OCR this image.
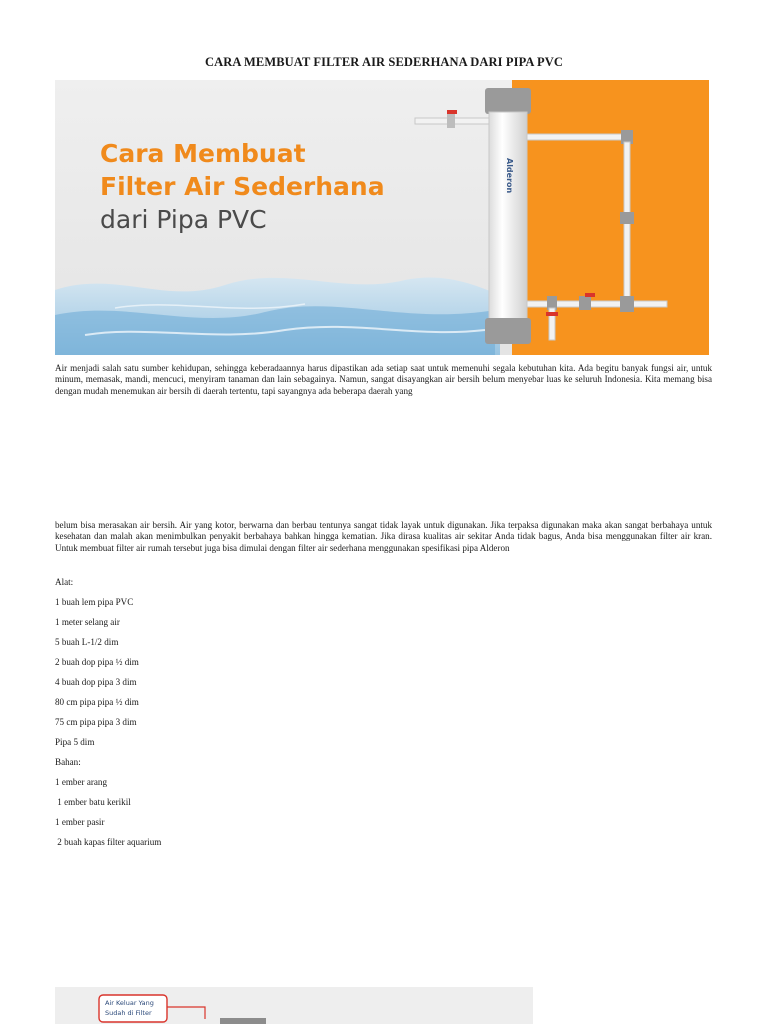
CARA MEMBUAT FILTER AIR SEDERHANA DARI PIPA PVC
Cara Membuat
Filter Air Sederhana
dari Pipa PVC
Alderon

Air menjadi salah satu sumber kehidupan, sehingga keberadaannya harus dipastikan ada setiap saat untuk memenuhi segala kebutuhan kita. Ada begitu banyak fungsi air, untuk minum, memasak, mandi, mencuci, menyiram tanaman dan lain sebagainya. Namun, sangat disayangkan air bersih belum menyebar luas ke seluruh Indonesia. Kita memang bisa dengan mudah menemukan air bersih di daerah tertentu, tapi sayangnya ada beberapa daerah yang

belum bisa merasakan air bersih. Air yang kotor, berwarna dan berbau tentunya sangat tidak layak untuk digunakan. Jika terpaksa digunakan maka akan sangat berbahaya untuk kesehatan dan malah akan menimbulkan penyakit berbahaya bahkan hingga kematian. Jika dirasa kualitas air sekitar Anda tidak bagus, Anda bisa menggunakan filter air kran. Untuk membuat filter air rumah tersebut juga bisa dimulai dengan filter air sederhana menggunakan spesifikasi pipa Alderon

Alat:
1 buah lem pipa PVC
1 meter selang air
5 buah L-1/2 dim
2 buah dop pipa ½ dim
4 buah dop pipa 3 dim
80 cm pipa pipa ½ dim
75 cm pipa pipa 3 dim
Pipa 5 dim
Bahan:
1 ember arang
1 ember batu kerikil
1 ember pasir
2 buah kapas filter aquarium
Air Keluar Yang
Sudah di Filter
